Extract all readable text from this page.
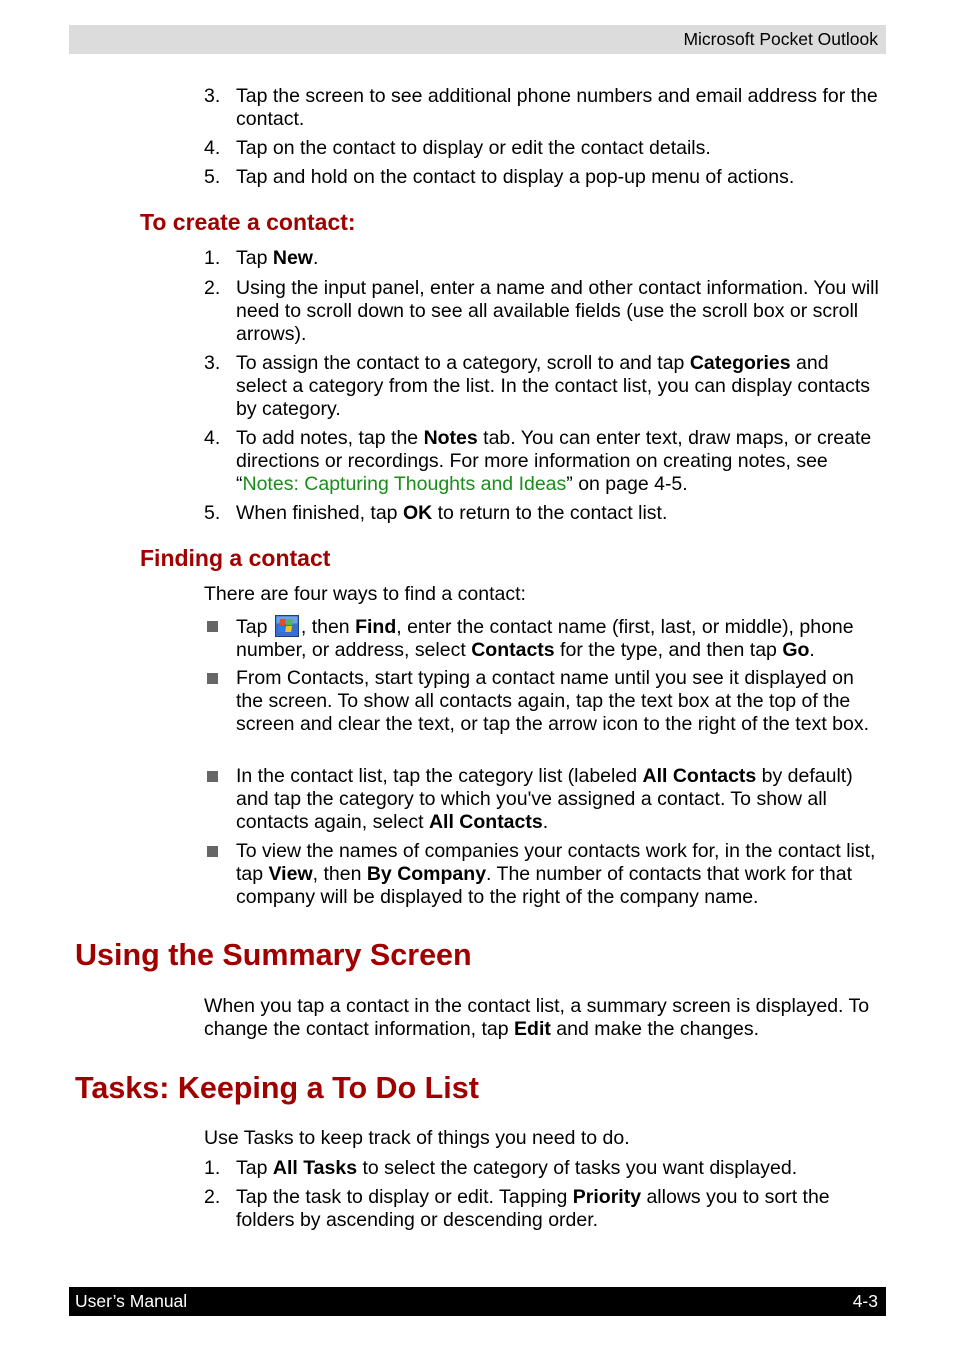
Microsoft Pocket Outlook
3. Tap the screen to see additional phone numbers and email address for the contact.
4. Tap on the contact to display or edit the contact details.
5. Tap and hold on the contact to display a pop-up menu of actions.
To create a contact:
1. Tap New.
2. Using the input panel, enter a name and other contact information. You will need to scroll down to see all available fields (use the scroll box or scroll arrows).
3. To assign the contact to a category, scroll to and tap Categories and select a category from the list. In the contact list, you can display contacts by category.
4. To add notes, tap the Notes tab. You can enter text, draw maps, or create directions or recordings. For more information on creating notes, see “Notes: Capturing Thoughts and Ideas” on page 4-5.
5. When finished, tap OK to return to the contact list.
Finding a contact
There are four ways to find a contact:
Tap , then Find, enter the contact name (first, last, or middle), phone number, or address, select Contacts for the type, and then tap Go.
From Contacts, start typing a contact name until you see it displayed on the screen. To show all contacts again, tap the text box at the top of the screen and clear the text, or tap the arrow icon to the right of the text box.
In the contact list, tap the category list (labeled All Contacts by default) and tap the category to which you've assigned a contact. To show all contacts again, select All Contacts.
To view the names of companies your contacts work for, in the contact list, tap View, then By Company. The number of contacts that work for that company will be displayed to the right of the company name.
Using the Summary Screen
When you tap a contact in the contact list, a summary screen is displayed. To change the contact information, tap Edit and make the changes.
Tasks: Keeping a To Do List
Use Tasks to keep track of things you need to do.
1. Tap All Tasks to select the category of tasks you want displayed.
2. Tap the task to display or edit. Tapping Priority allows you to sort the folders by ascending or descending order.
User’s Manual	4-3
